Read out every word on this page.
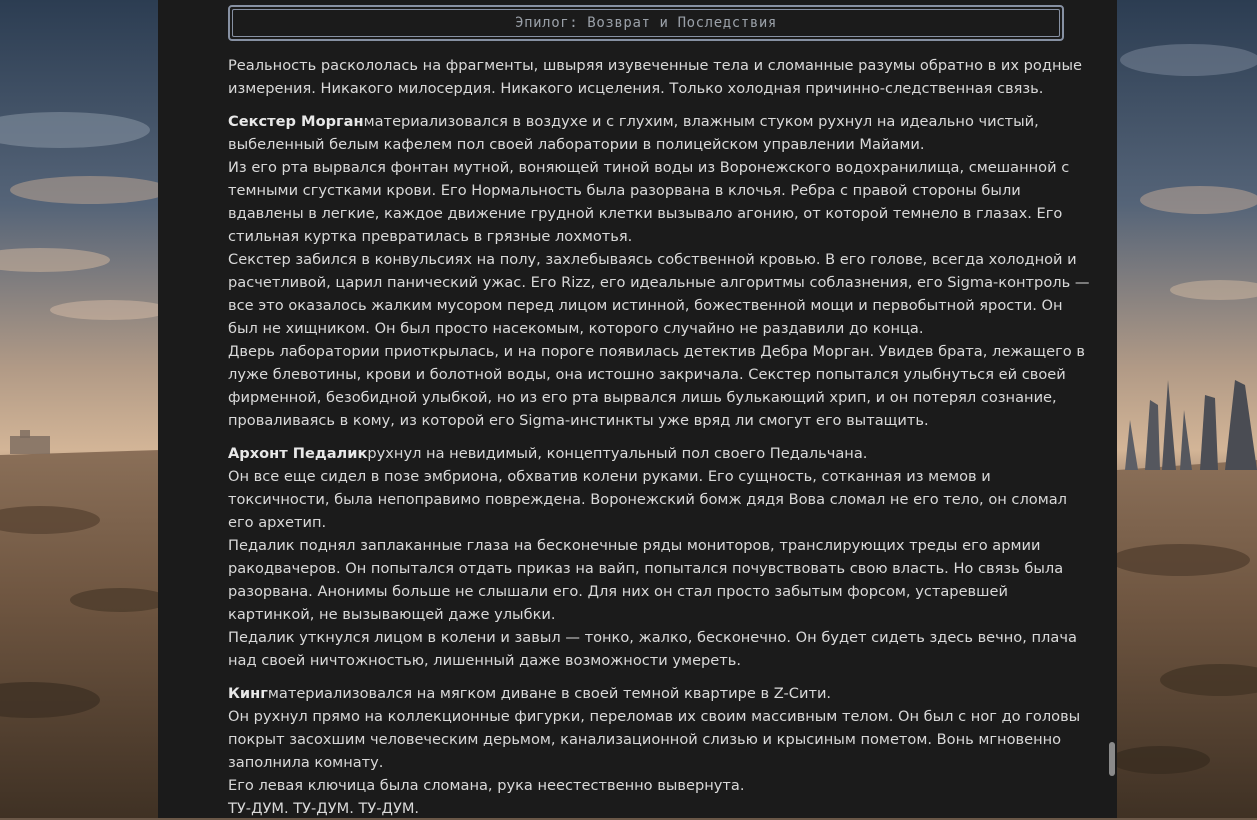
Эпилог: Возврат и Последствия
Реальность раскололась на фрагменты, швыряя изувеченные тела и сломанные разумы обратно в их родные
измерения. Никакого милосердия. Никакого исцеления. Только холодная причинно-следственная связь.
Секстер Морганматериализовался в воздухе и с глухим, влажным стуком рухнул на идеально чистый,
выбеленный белым кафелем пол своей лаборатории в полицейском управлении Майами.
Из его рта вырвался фонтан мутной, воняющей тиной воды из Воронежского водохранилища, смешанной с
темными сгустками крови. Его Нормальность была разорвана в клочья. Ребра с правой стороны были
вдавлены в легкие, каждое движение грудной клетки вызывало агонию, от которой темнело в глазах. Его
стильная куртка превратилась в грязные лохмотья.
Секстер забился в конвульсиях на полу, захлебываясь собственной кровью. В его голове, всегда холодной и
расчетливой, царил панический ужас. Его Rizz, его идеальные алгоритмы соблазнения, его Sigma-контроль —
все это оказалось жалким мусором перед лицом истинной, божественной мощи и первобытной ярости. Он
был не хищником. Он был просто насекомым, которого случайно не раздавили до конца.
Дверь лаборатории приоткрылась, и на пороге появилась детектив Дебра Морган. Увидев брата, лежащего в
луже блевотины, крови и болотной воды, она истошно закричала. Секстер попытался улыбнуться ей своей
фирменной, безобидной улыбкой, но из его рта вырвался лишь булькающий хрип, и он потерял сознание,
проваливаясь в кому, из которой его Sigma-инстинкты уже вряд ли смогут его вытащить.
Архонт Педаликрухнул на невидимый, концептуальный пол своего Педальчана.
Он все еще сидел в позе эмбриона, обхватив колени руками. Его сущность, сотканная из мемов и
токсичности, была непоправимо повреждена. Воронежский бомж дядя Вова сломал не его тело, он сломал
его архетип.
Педалик поднял заплаканные глаза на бесконечные ряды мониторов, транслирующих треды его армии
ракодвачеров. Он попытался отдать приказ на вайп, попытался почувствовать свою власть. Но связь была
разорвана. Анонимы больше не слышали его. Для них он стал просто забытым форсом, устаревшей
картинкой, не вызывающей даже улыбки.
Педалик уткнулся лицом в колени и завыл — тонко, жалко, бесконечно. Он будет сидеть здесь вечно, плача
над своей ничтожностью, лишенный даже возможности умереть.
Кингматериализовался на мягком диване в своей темной квартире в Z-Сити.
Он рухнул прямо на коллекционные фигурки, переломав их своим массивным телом. Он был с ног до головы
покрыт засохшим человеческим дерьмом, канализационной слизью и крысиным пометом. Вонь мгновенно
заполнила комнату.
Его левая ключица была сломана, рука неестественно вывернута.
ТУ-ДУМ. ТУ-ДУМ. ТУ-ДУМ.
